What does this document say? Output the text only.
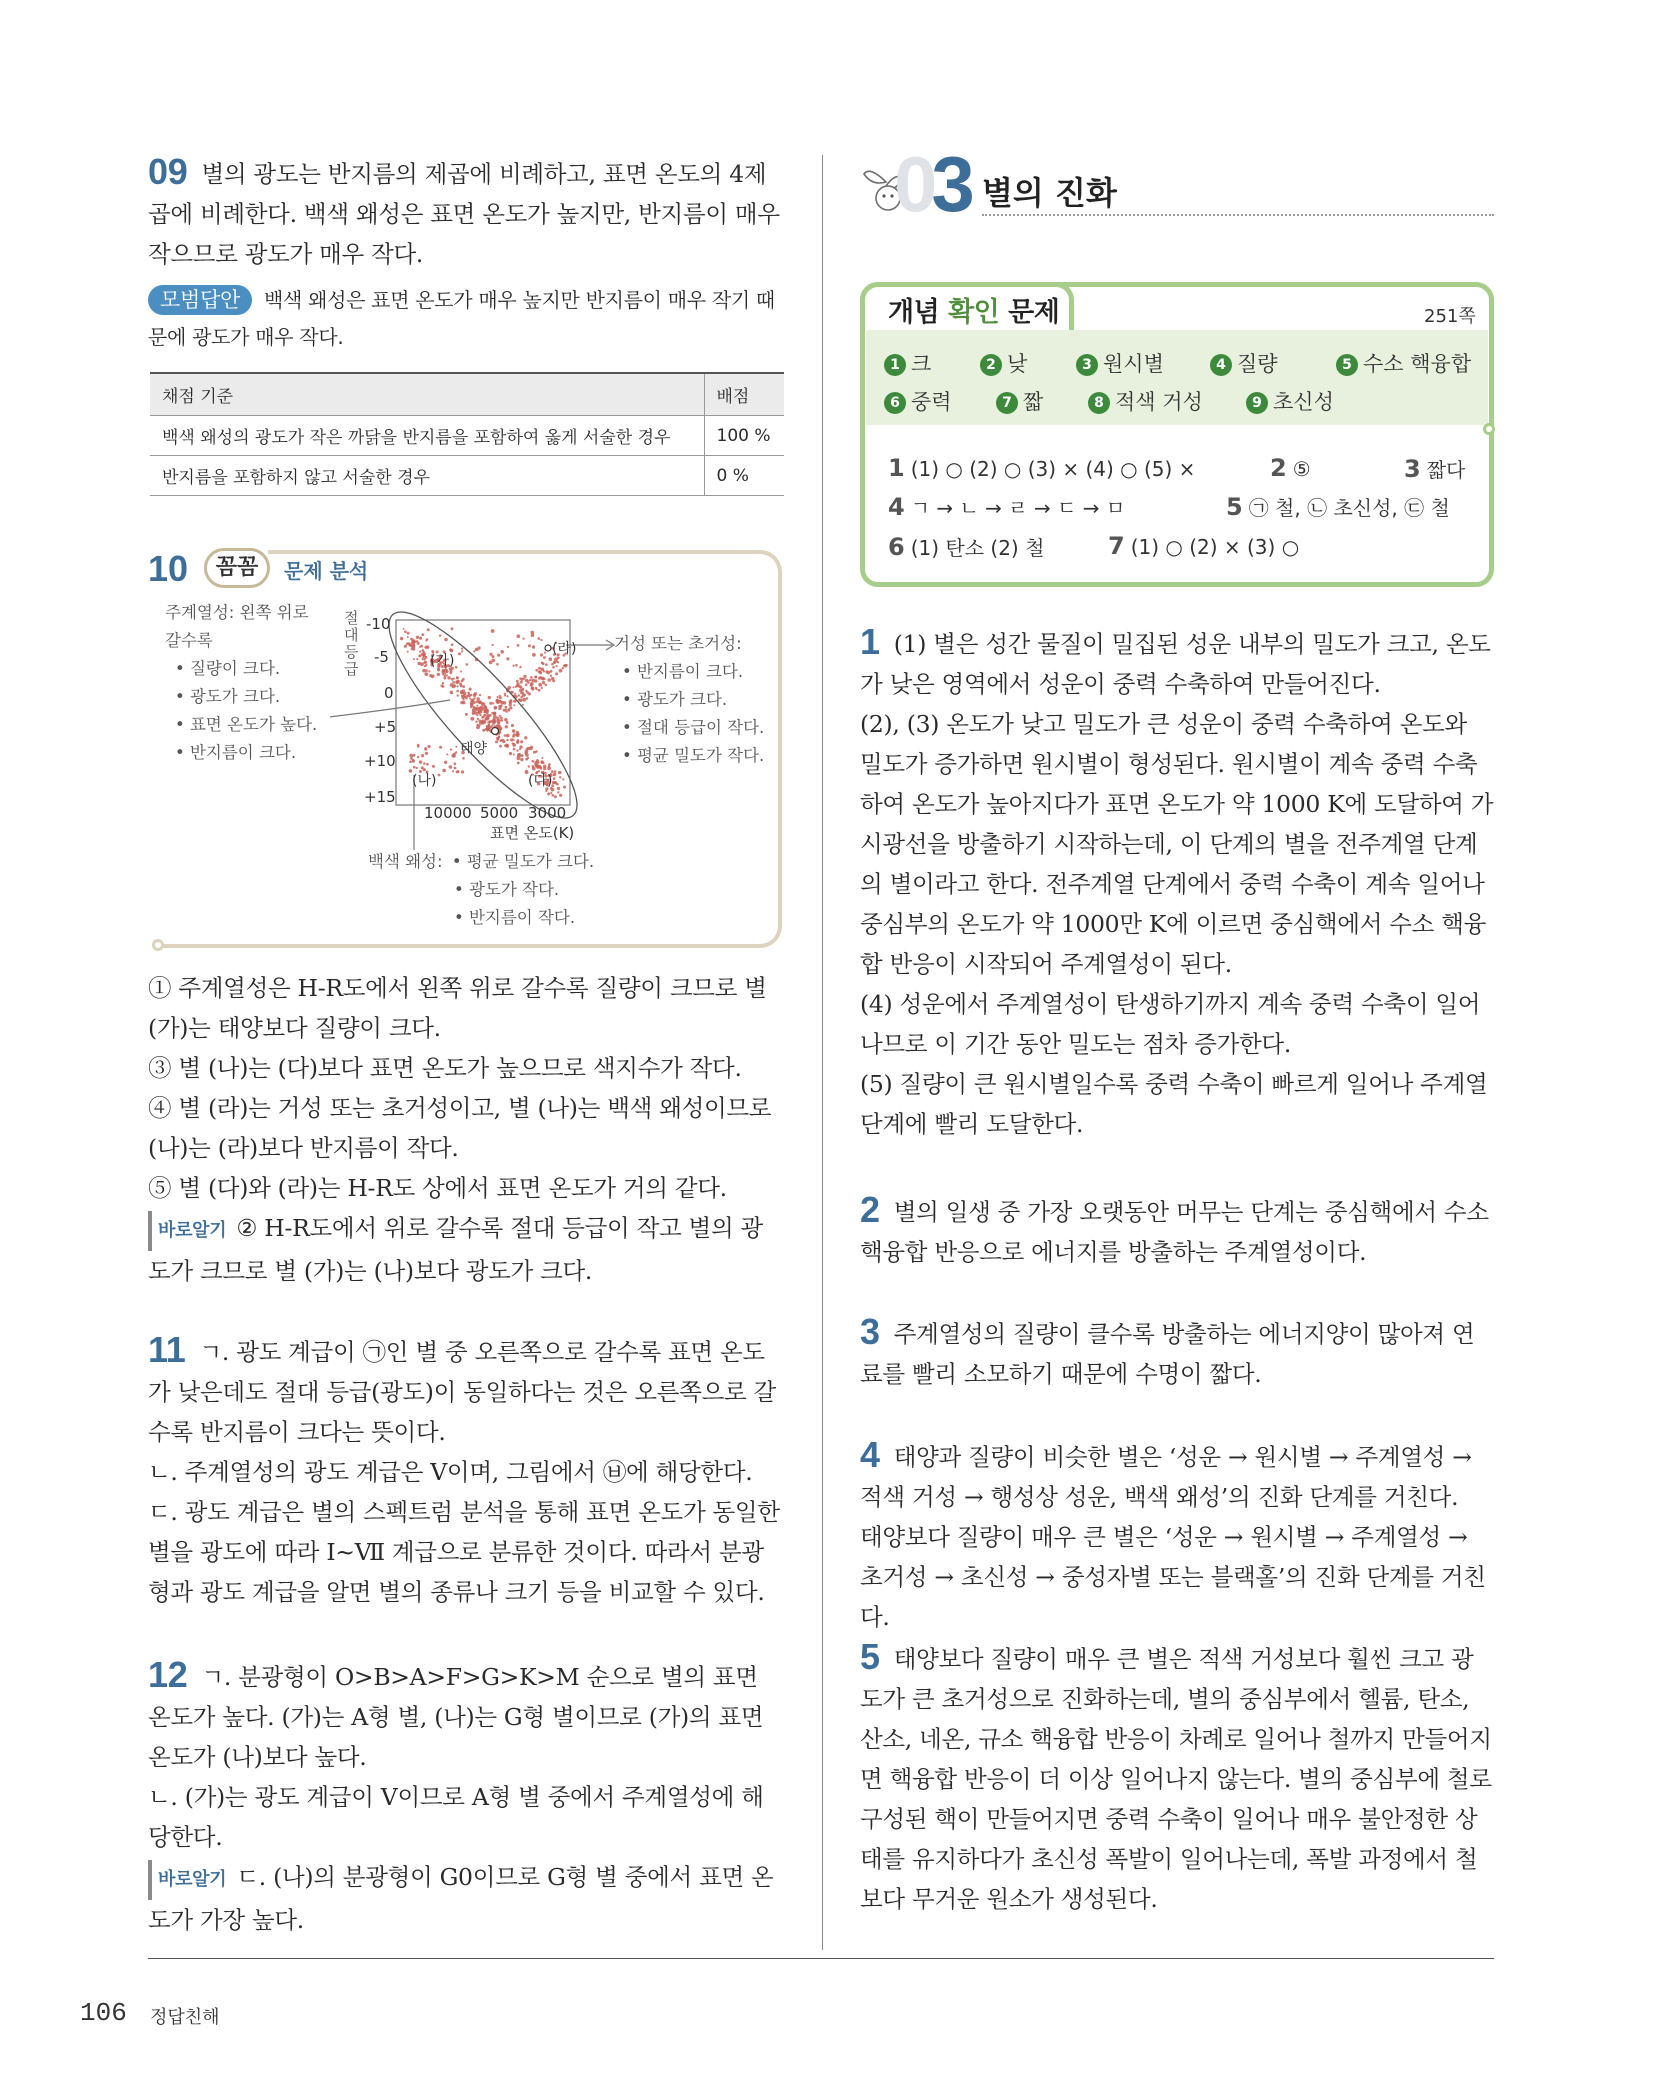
09 별의 광도는 반지름의 제곱에 비례하고, 표면 온도의 4제곱에 비례한다. 백색 왜성은 표면 온도가 높지만, 반지름이 매우 작으므로 광도가 매우 작다.

모범답안 백색 왜성은 표면 온도가 매우 높지만 반지름이 매우 작기 때문에 광도가 매우 작다.
채점 기준	배점
백색 왜성의 광도가 작은 까닭을 반지름을 포함하여 옳게 서술한 경우	100 %
반지름을 포함하지 않고 서술한 경우	0 %
10	꼼꼼	문제 분석
주계열성: 왼쪽 위로
갈수록
• 질량이 크다.
• 광도가 크다.
• 표면 온도가 높다.
• 반지름이 크다.
거성 또는 초거성:
• 반지름이 크다.
• 광도가 크다.
• 절대 등급이 작다.
• 평균 밀도가 작다.
백색 왜성: • 평균 밀도가 크다.
• 광도가 작다.
• 반지름이 작다.
절대 등급
-10
-5
0
+5
+10
+15
10000 5000 3000
표면 온도(K)
(가)
(라)
태양
(나)	(다)

① 주계열성은 H-R도에서 왼쪽 위로 갈수록 질량이 크므로 별 (가)는 태양보다 질량이 크다.

③ 별 (나)는 (다)보다 표면 온도가 높으므로 색지수가 작다.

④ 별 (라)는 거성 또는 초거성이고, 별 (나)는 백색 왜성이므로 (나)는 (라)보다 반지름이 작다.

⑤ 별 (다)와 (라)는 H-R도 상에서 표면 온도가 거의 같다.

바로알기 ② H-R도에서 위로 갈수록 절대 등급이 작고 별의 광도가 크므로 별 (가)는 (나)보다 광도가 크다.

11 ㄱ. 광도 계급이 ㉠인 별 중 오른쪽으로 갈수록 표면 온도가 낮은데도 절대 등급(광도)이 동일하다는 것은 오른쪽으로 갈수록 반지름이 크다는 뜻이다.

ㄴ. 주계열성의 광도 계급은 Ⅴ이며, 그림에서 ㉥에 해당한다.

ㄷ. 광도 계급은 별의 스펙트럼 분석을 통해 표면 온도가 동일한 별을 광도에 따라 Ⅰ~Ⅶ 계급으로 분류한 것이다. 따라서 분광형과 광도 계급을 알면 별의 종류나 크기 등을 비교할 수 있다.

12 ㄱ. 분광형이 O>B>A>F>G>K>M 순으로 별의 표면 온도가 높다. (가)는 A형 별, (나)는 G형 별이므로 (가)의 표면 온도가 (나)보다 높다.

ㄴ. (가)는 광도 계급이 Ⅴ이므로 A형 별 중에서 주계열성에 해당한다.

바로알기 ㄷ. (나)의 분광형이 G0이므로 G형 별 중에서 표면 온도가 가장 높다.

03 별의 진화
개념 확인 문제	251쪽
1 크	2 낮	3 원시별	4 질량	5 수소 핵융합
6 중력	7 짧	8 적색 거성	9 초신성
1 (1) ○ (2) ○ (3) × (4) ○ (5) ×	2 ⑤	3 짧다
4 ㄱ → ㄴ → ㄹ → ㄷ → ㅁ	5 ㉠ 철, ㉡ 초신성, ㉢ 철
6 (1) 탄소 (2) 철	7 (1) ○ (2) × (3) ○

1 (1) 별은 성간 물질이 밀집된 성운 내부의 밀도가 크고, 온도가 낮은 영역에서 성운이 중력 수축하여 만들어진다.

(2), (3) 온도가 낮고 밀도가 큰 성운이 중력 수축하여 온도와 밀도가 증가하면 원시별이 형성된다. 원시별이 계속 중력 수축하여 온도가 높아지다가 표면 온도가 약 1000 K에 도달하여 가시광선을 방출하기 시작하는데, 이 단계의 별을 전주계열 단계의 별이라고 한다. 전주계열 단계에서 중력 수축이 계속 일어나 중심부의 온도가 약 1000만 K에 이르면 중심핵에서 수소 핵융합 반응이 시작되어 주계열성이 된다.

(4) 성운에서 주계열성이 탄생하기까지 계속 중력 수축이 일어나므로 이 기간 동안 밀도는 점차 증가한다.

(5) 질량이 큰 원시별일수록 중력 수축이 빠르게 일어나 주계열 단계에 빨리 도달한다.

2 별의 일생 중 가장 오랫동안 머무는 단계는 중심핵에서 수소 핵융합 반응으로 에너지를 방출하는 주계열성이다.

3 주계열성의 질량이 클수록 방출하는 에너지양이 많아져 연료를 빨리 소모하기 때문에 수명이 짧다.

4 태양과 질량이 비슷한 별은 ‘성운 → 원시별 → 주계열성 → 적색 거성 → 행성상 성운, 백색 왜성’의 진화 단계를 거친다.

태양보다 질량이 매우 큰 별은 ‘성운 → 원시별 → 주계열성 → 초거성 → 초신성 → 중성자별 또는 블랙홀’의 진화 단계를 거친다.

5 태양보다 질량이 매우 큰 별은 적색 거성보다 훨씬 크고 광도가 큰 초거성으로 진화하는데, 별의 중심부에서 헬륨, 탄소, 산소, 네온, 규소 핵융합 반응이 차례로 일어나 철까지 만들어지면 핵융합 반응이 더 이상 일어나지 않는다. 별의 중심부에 철로 구성된 핵이 만들어지면 중력 수축이 일어나 매우 불안정한 상태를 유지하다가 초신성 폭발이 일어나는데, 폭발 과정에서 철보다 무거운 원소가 생성된다.

106 정답친해
